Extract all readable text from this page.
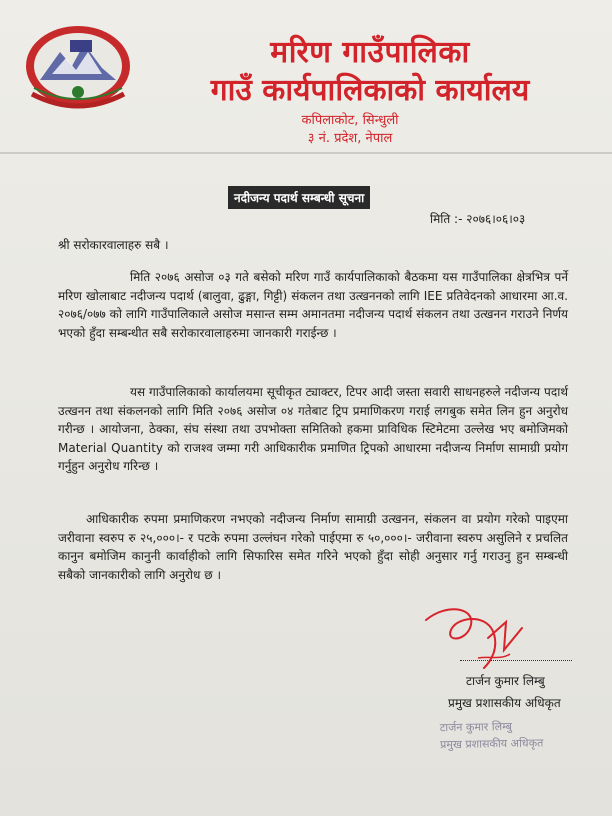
मरिण गाउँपालिका
गाउँ कार्यपालिकाको कार्यालय
कपिलाकोट, सिन्धुली
३ नं. प्रदेश, नेपाल
नदीजन्य पदार्थ सम्बन्धी सूचना
मिति :- २०७६।०६।०३
श्री सरोकारवालाहरु सबै ।

मिति २०७६ असोज ०३ गते बसेको मरिण गाउँ कार्यपालिकाको बैठकमा यस गाउँपालिका क्षेत्रभित्र पर्ने मरिण खोलाबाट नदीजन्य पदार्थ (बालुवा, ढुङ्गा, गिट्टी) संकलन तथा उत्खननको लागि IEE प्रतिवेदनको आधारमा आ.व. २०७६/०७७ को लागि गाउँपालिकाले असोज मसान्त सम्म अमानतमा नदीजन्य पदार्थ संकलन तथा उत्खनन गराउने निर्णय भएको हुँदा सम्बन्धीत सबै सरोकारवालाहरुमा जानकारी गराईन्छ ।

यस गाउँपालिकाको कार्यालयमा सूचीकृत ट्याक्टर, टिपर आदी जस्ता सवारी साधनहरुले नदीजन्य पदार्थ उत्खनन तथा संकलनको लागि मिति २०७६ असोज ०४ गतेबाट ट्रिप प्रमाणिकरण गराई लगबुक समेत लिन हुन अनुरोध गरीन्छ । आयोजना, ठेक्का, संघ संस्था तथा उपभोक्ता समितिको हकमा प्राविधिक स्टिमेटमा उल्लेख भए बमोजिमको Material Quantity को राजश्व जम्मा गरी आधिकारीक प्रमाणित ट्रिपको आधारमा नदीजन्य निर्माण सामाग्री प्रयोग गर्नुहुन अनुरोध गरिन्छ ।

आधिकारीक रुपमा प्रमाणिकरण नभएको नदीजन्य निर्माण सामाग्री उत्खनन, संकलन वा प्रयोग गरेको पाइएमा जरीवाना स्वरुप रु २५,०००।- र पटके रुपमा उल्लंघन गरेको पाईएमा रु ५०,०००।- जरीवाना स्वरुप असुलिने र प्रचलित कानुन बमोजिम कानुनी कार्वाहीको लागि सिफारिस समेत गरिने भएको हुँदा सोही अनुसार गर्नु गराउनु हुन सम्बन्धी सबैको जानकारीको लागि अनुरोध छ ।

टार्जन कुमार लिम्बु
प्रमुख प्रशासकीय अधिकृत
टार्जन कुमार लिम्बु
प्रमुख प्रशासकीय अधिकृत
